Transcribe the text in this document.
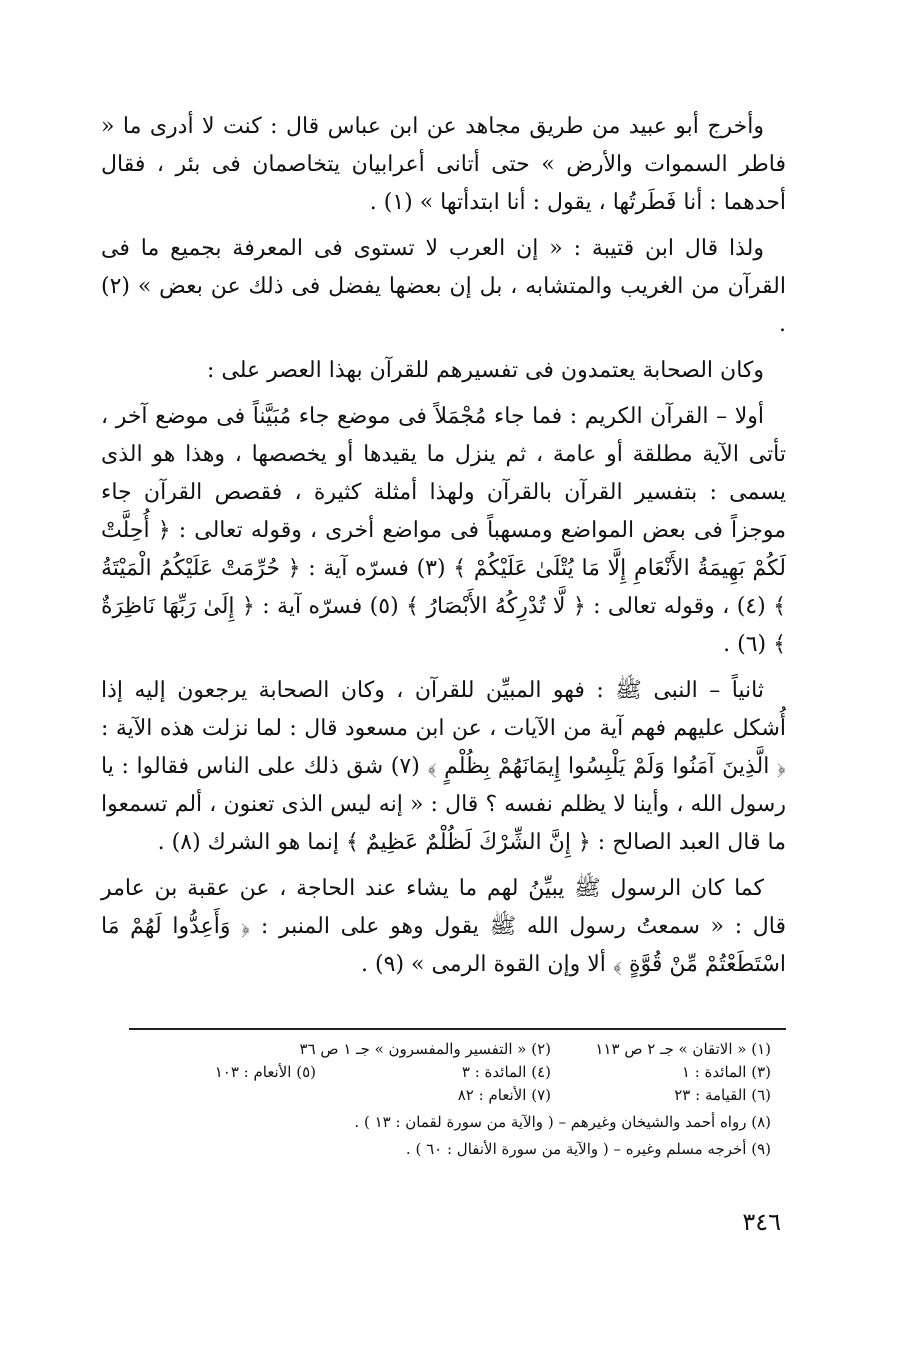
وأخرج أبو عبيد من طريق مجاهد عن ابن عباس قال : كنت لا أدرى ما « فاطر السموات والأرض » حتى أتانى أعرابيان يتخاصمان فى بئر ، فقال أحدهما : أنا فَطَرتُها ، يقول : أنا ابتدأتها » (١) .

ولذا قال ابن قتيبة : « إن العرب لا تستوى فى المعرفة بجميع ما فى القرآن من الغريب والمتشابه ، بل إن بعضها يفضل فى ذلك عن بعض » (٢) .

وكان الصحابة يعتمدون فى تفسيرهم للقرآن بهذا العصر على :

أولا – القرآن الكريم : فما جاء مُجْمَلاً فى موضع جاء مُبَيَّناً فى موضع آخر ، تأتى الآية مطلقة أو عامة ، ثم ينزل ما يقيدها أو يخصصها ، وهذا هو الذى يسمى : بتفسير القرآن بالقرآن ولهذا أمثلة كثيرة ، فقصص القرآن جاء موجزاً فى بعض المواضع ومسهباً فى مواضع أخرى ، وقوله تعالى : ﴿ أُحِلَّتْ لَكُمْ بَهِيمَةُ الأَنْعَامِ إِلَّا مَا يُتْلَىٰ عَلَيْكُمْ ﴾ (٣) فسرّه آية : ﴿ حُرِّمَتْ عَلَيْكُمُ الْمَيْتَةُ ﴾ (٤) ، وقوله تعالى : ﴿ لَّا تُدْرِكُهُ الأَبْصَارُ ﴾ (٥) فسرّه آية : ﴿ إِلَىٰ رَبِّهَا نَاظِرَةٌ ﴾ (٦) .

ثانياً – النبى ﷺ : فهو المبيِّن للقرآن ، وكان الصحابة يرجعون إليه إذا أُشكل عليهم فهم آية من الآيات ، عن ابن مسعود قال : لما نزلت هذه الآية : ﴿ الَّذِينَ آمَنُوا وَلَمْ يَلْبِسُوا إِيمَانَهُمْ بِظُلْمٍ ﴾ (٧) شق ذلك على الناس فقالوا : يا رسول الله ، وأينا لا يظلم نفسه ؟ قال : « إنه ليس الذى تعنون ، ألم تسمعوا ما قال العبد الصالح : ﴿ إِنَّ الشِّرْكَ لَظُلْمٌ عَظِيمٌ ﴾ إنما هو الشرك (٨) .

كما كان الرسول ﷺ يبيِّنُ لهم ما يشاء عند الحاجة ، عن عقبة بن عامر قال : « سمعتُ رسول الله ﷺ يقول وهو على المنبر : ﴿ وَأَعِدُّوا لَهُمْ مَا اسْتَطَعْتُمْ مِّنْ قُوَّةٍ ﴾ ألا وإن القوة الرمى » (٩) .

(١) « الاتقان » جـ ٢ ص ١١٣
(٢) « التفسير والمفسرون » جـ ١ ص ٣٦
(٣) المائدة : ١
(٤) المائدة : ٣
(٥) الأنعام : ١٠٣
(٦) القيامة : ٢٣
(٧) الأنعام : ٨٢
(٨) رواه أحمد والشيخان وغيرهم – ( والآية من سورة لقمان : ١٣ ) .
(٩) أخرجه مسلم وغيره – ( والآية من سورة الأنفال : ٦٠ ) .
٣٤٦
